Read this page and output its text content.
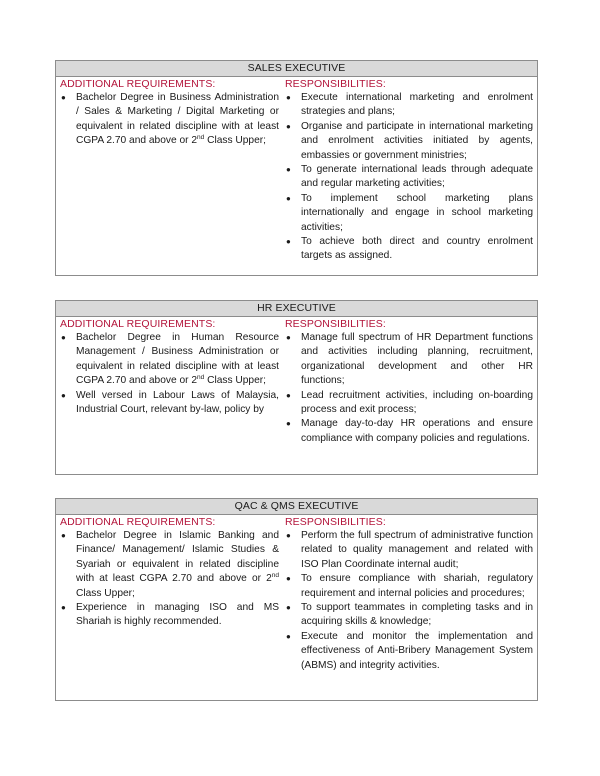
SALES EXECUTIVE
ADDITIONAL REQUIREMENTS:
● Bachelor Degree in Business Administration / Sales & Marketing / Digital Marketing or equivalent in related discipline with at least CGPA 2.70 and above or 2nd Class Upper;
RESPONSIBILITIES:
● Execute international marketing and enrolment strategies and plans;
● Organise and participate in international marketing and enrolment activities initiated by agents, embassies or government ministries;
● To generate international leads through adequate and regular marketing activities;
● To implement school marketing plans internationally and engage in school marketing activities;
● To achieve both direct and country enrolment targets as assigned.
HR EXECUTIVE
ADDITIONAL REQUIREMENTS:
● Bachelor Degree in Human Resource Management / Business Administration or equivalent in related discipline with at least CGPA 2.70 and above or 2nd Class Upper;
● Well versed in Labour Laws of Malaysia, Industrial Court, relevant by-law, policy by
RESPONSIBILITIES:
● Manage full spectrum of HR Department functions and activities including planning, recruitment, organizational development and other HR functions;
● Lead recruitment activities, including on-boarding process and exit process;
● Manage day-to-day HR operations and ensure compliance with company policies and regulations.
QAC & QMS EXECUTIVE
ADDITIONAL REQUIREMENTS:
● Bachelor Degree in Islamic Banking and Finance/ Management/ Islamic Studies & Syariah or equivalent in related discipline with at least CGPA 2.70 and above or 2nd Class Upper;
● Experience in managing ISO and MS Shariah is highly recommended.
RESPONSIBILITIES:
● Perform the full spectrum of administrative function related to quality management and related with ISO Plan Coordinate internal audit;
● To ensure compliance with shariah, regulatory requirement and internal policies and procedures;
● To support teammates in completing tasks and in acquiring skills & knowledge;
● Execute and monitor the implementation and effectiveness of Anti-Bribery Management System (ABMS) and integrity activities.
